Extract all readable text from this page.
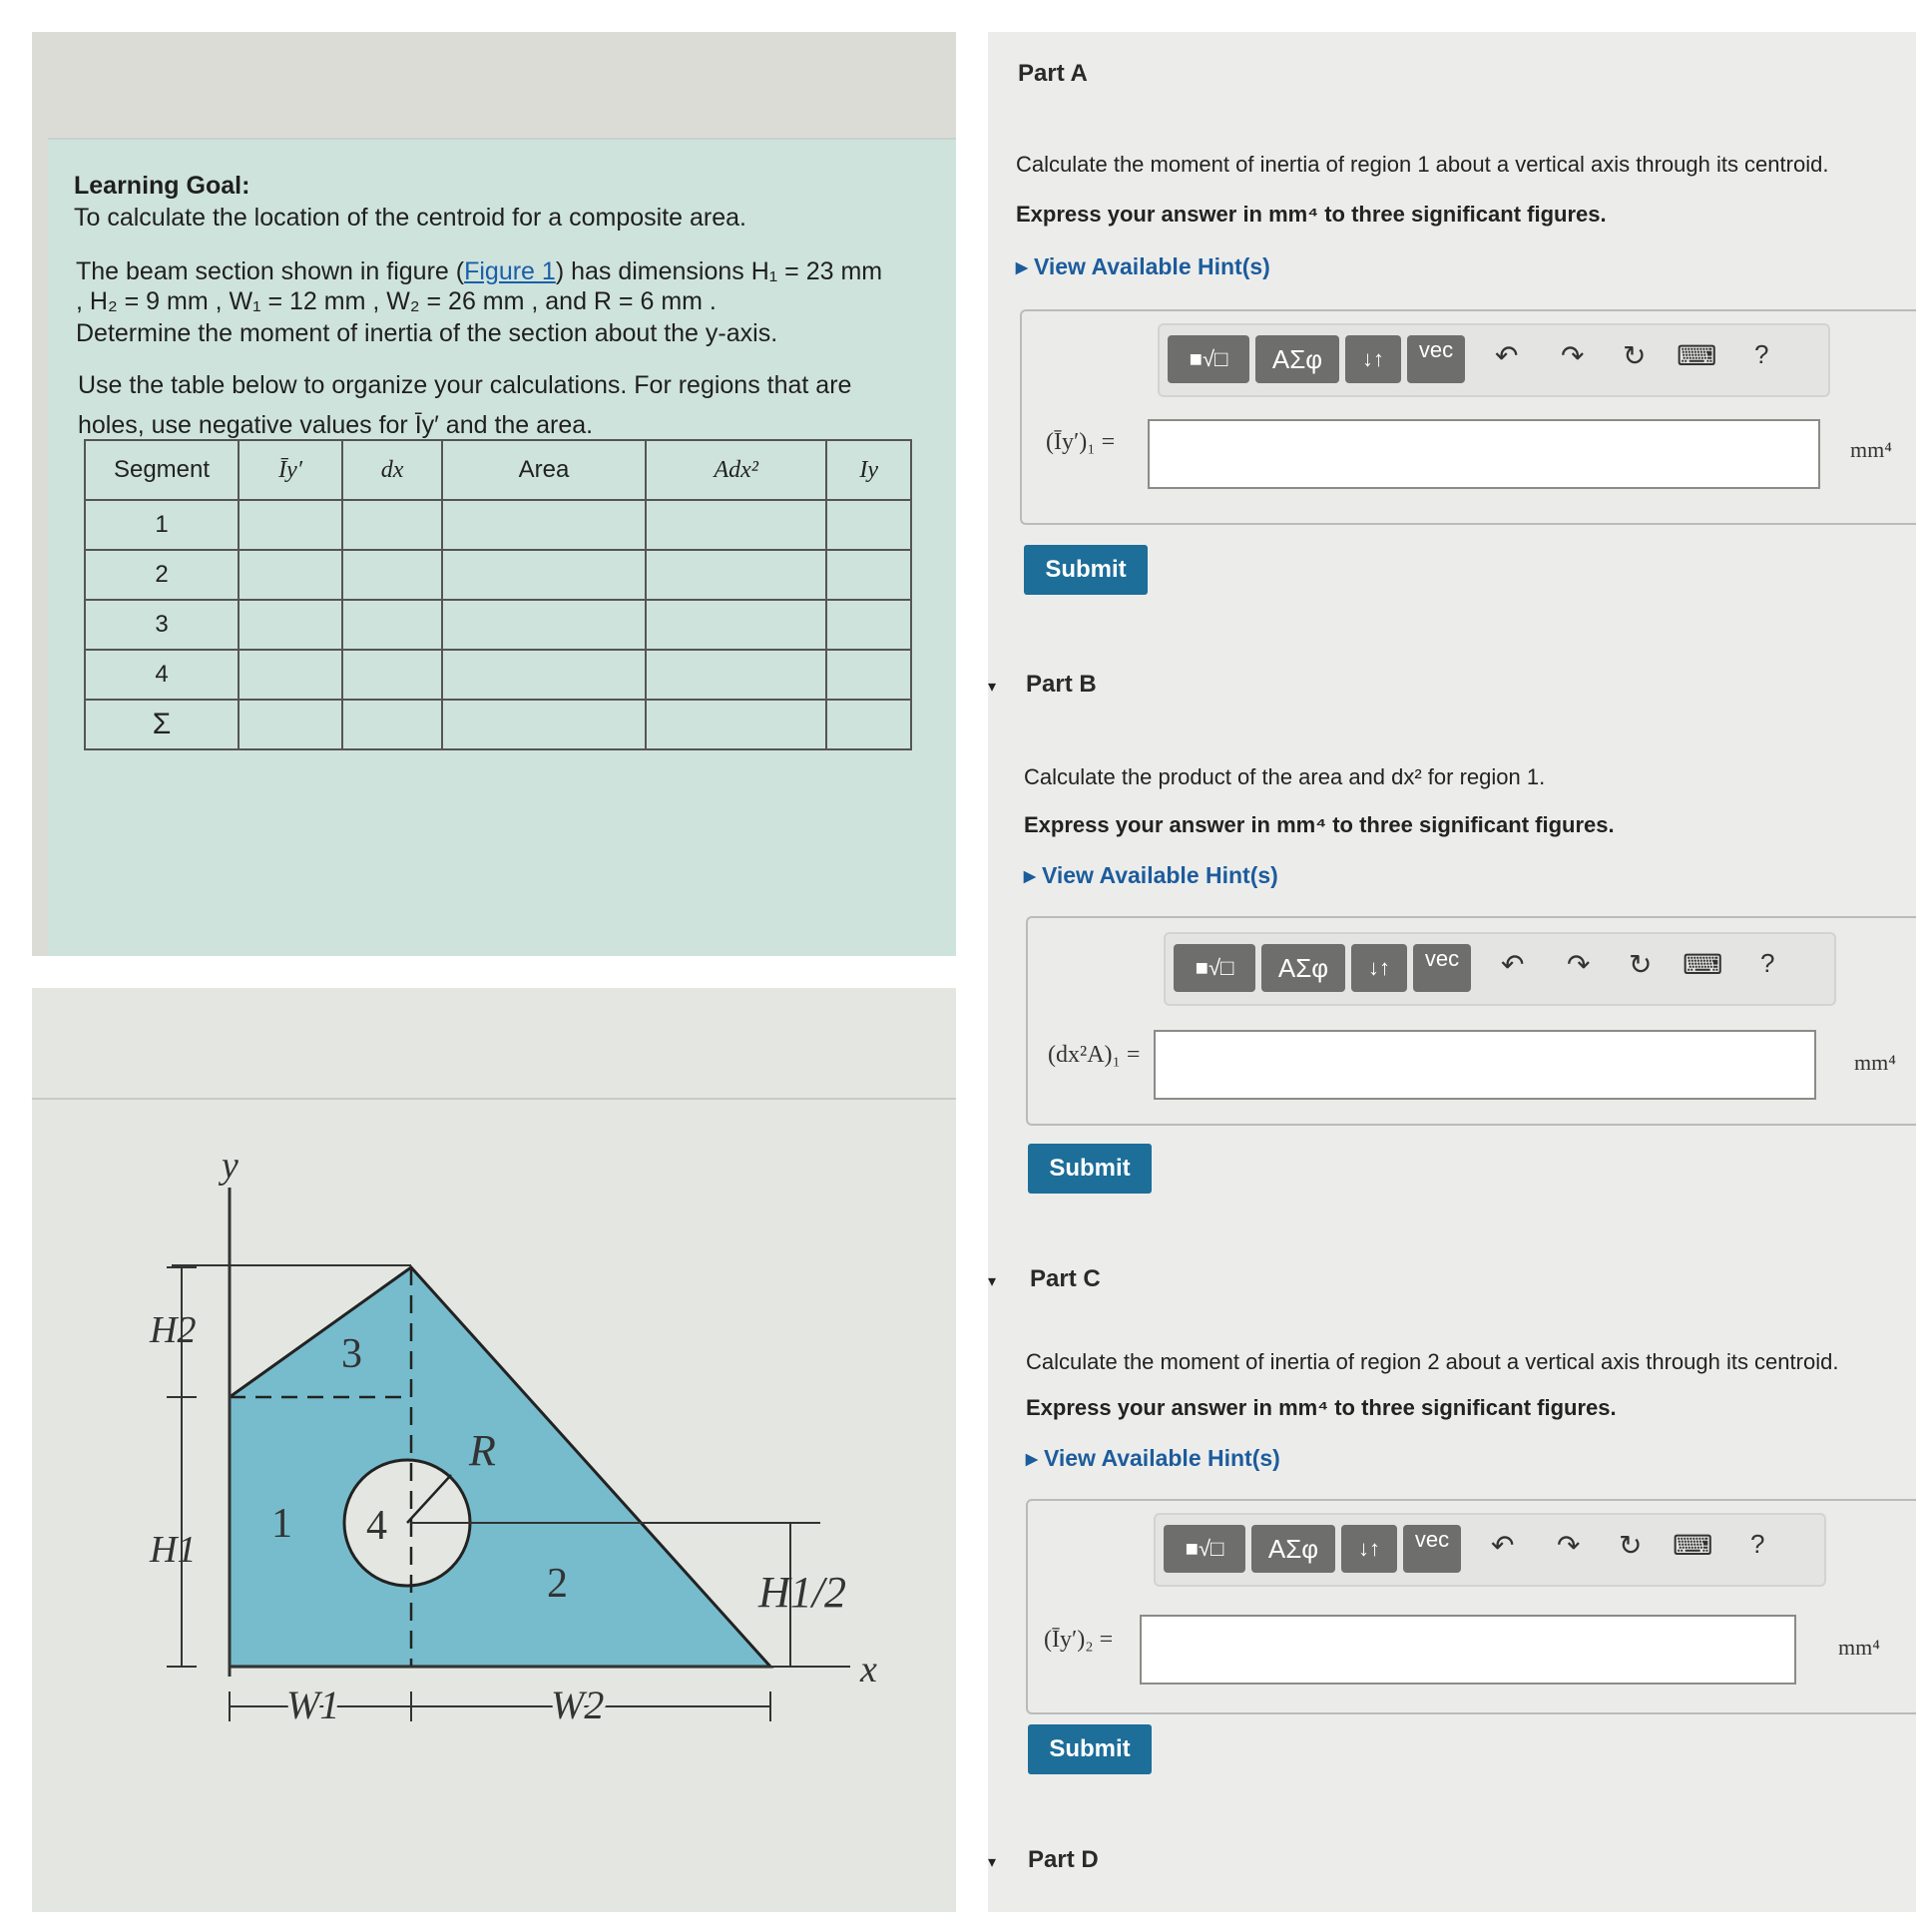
Learning Goal:
To calculate the location of the centroid for a composite area.
The beam section shown in figure (Figure 1) has dimensions H₁ = 23 mm
, H₂ = 9 mm , W₁ = 12 mm , W₂ = 26 mm , and R = 6 mm .
Determine the moment of inertia of the section about the y-axis.
Use the table below to organize your calculations. For regions that are
holes, use negative values for Īy′ and the area.
Segment	Īy′	dx	Area	Adx²	Iy
1					
2					
3					
4					
Σ					
y
x
H2
H1
H1/2
W1	W2
R
1
2
3
4
Part A
Calculate the moment of inertia of region 1 about a vertical axis through its centroid.
Express your answer in mm⁴ to three significant figures.
▸ View Available Hint(s)
■√□	ΑΣφ	↓↑	vec	↶ ↷ ↻ ⌨ ?
(Īy′)₁ =	mm⁴
Submit
▾ Part B
Calculate the product of the area and dx² for region 1.
Express your answer in mm⁴ to three significant figures.
▸ View Available Hint(s)
■√□	ΑΣφ	↓↑	vec	↶ ↷ ↻ ⌨ ?
(dx²A)₁ =	mm⁴
Submit
▾ Part C
Calculate the moment of inertia of region 2 about a vertical axis through its centroid.
Express your answer in mm⁴ to three significant figures.
▸ View Available Hint(s)
■√□	ΑΣφ	↓↑	vec	↶ ↷ ↻ ⌨ ?
(Īy′)₂ =	mm⁴
Submit
▾ Part D
